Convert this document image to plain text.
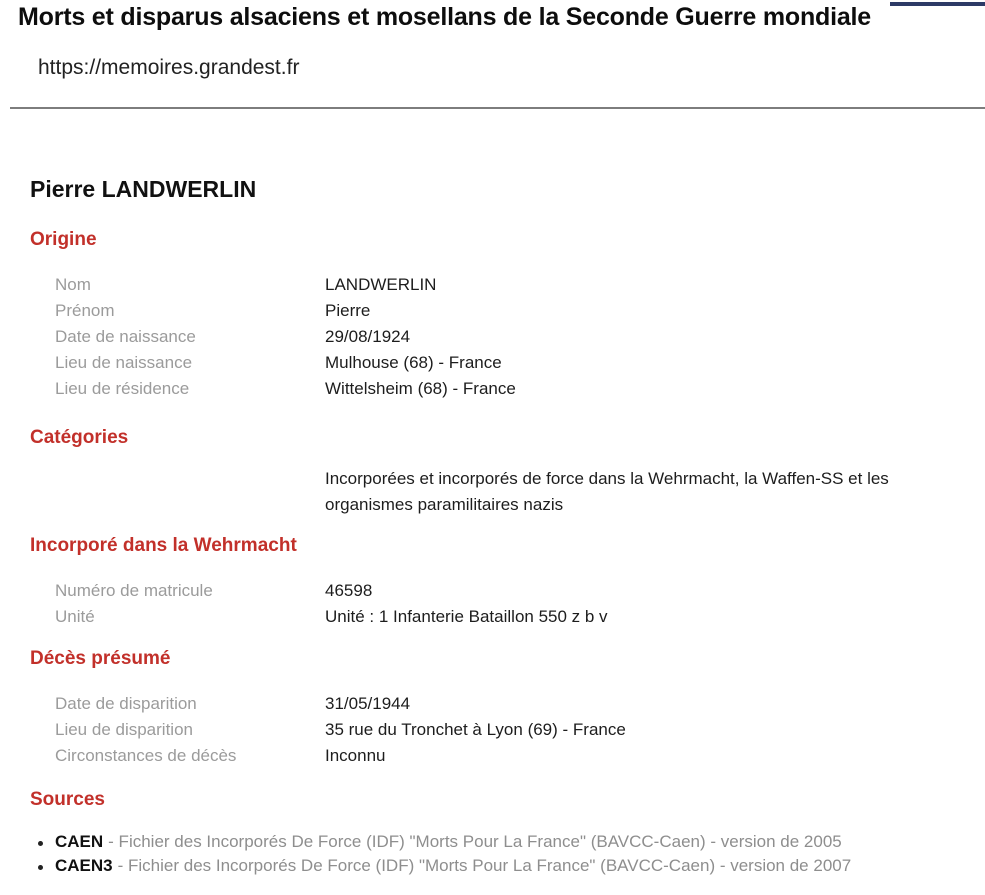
Morts et disparus alsaciens et mosellans de la Seconde Guerre mondiale
https://memoires.grandest.fr
Pierre LANDWERLIN
Origine
Nom	LANDWERLIN
Prénom	Pierre
Date de naissance	29/08/1924
Lieu de naissance	Mulhouse (68) - France
Lieu de résidence	Wittelsheim (68) - France
Catégories
Incorporées et incorporés de force dans la Wehrmacht, la Waffen-SS et les organismes paramilitaires nazis
Incorporé dans la Wehrmacht
Numéro de matricule	46598
Unité	Unité : 1 Infanterie Bataillon 550 z b v
Décès présumé
Date de disparition	31/05/1944
Lieu de disparition	35 rue du Tronchet à Lyon (69) - France
Circonstances de décès	Inconnu
Sources
CAEN - Fichier des Incorporés De Force (IDF) "Morts Pour La France" (BAVCC-Caen) - version de 2005
CAEN3 - Fichier des Incorporés De Force (IDF) "Morts Pour La France" (BAVCC-Caen) - version de 2007
